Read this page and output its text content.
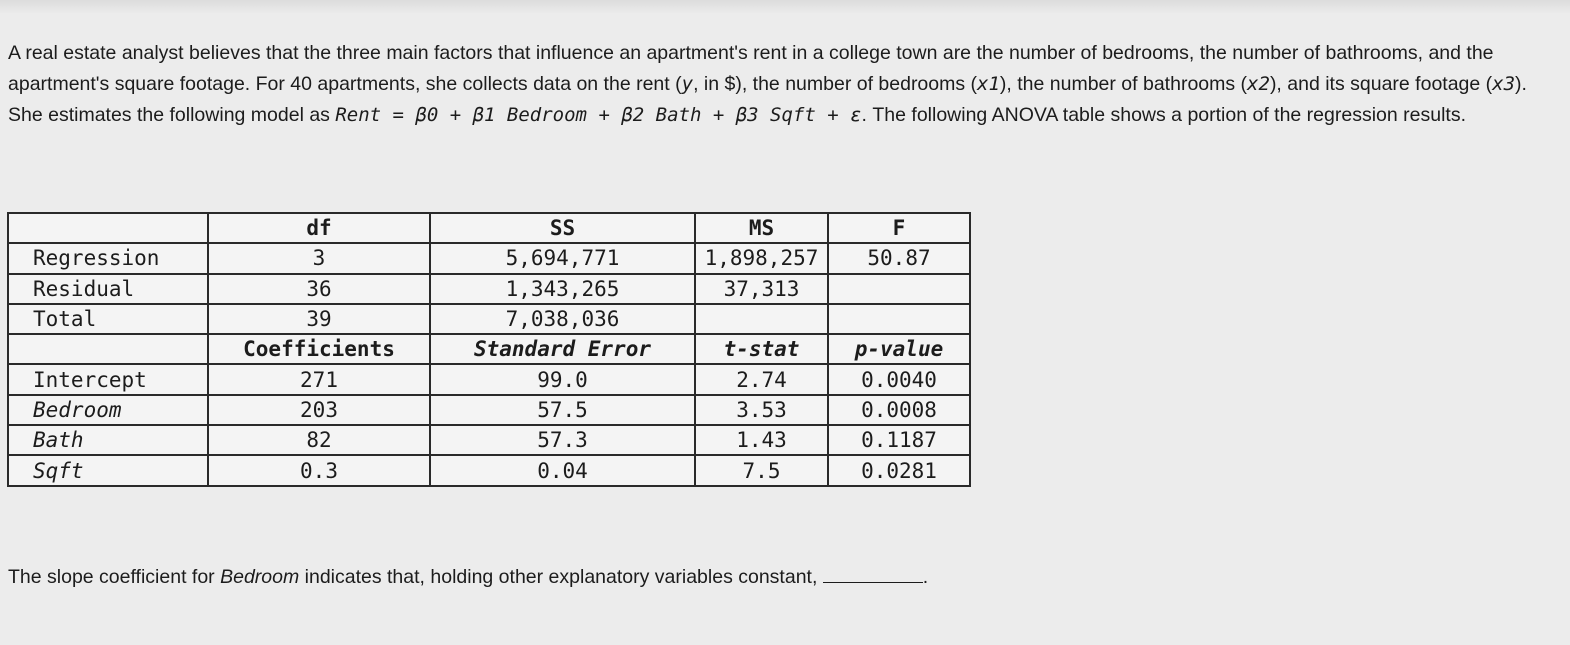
A real estate analyst believes that the three main factors that influence an apartment's rent in a college town are the number of bedrooms, the number of bathrooms, and the apartment's square footage. For 40 apartments, she collects data on the rent (y, in $), the number of bedrooms (x1), the number of bathrooms (x2), and its square footage (x3). She estimates the following model as Rent = β0 + β1 Bedroom + β2 Bath + β3 Sqft + ε. The following ANOVA table shows a portion of the regression results.
	df	SS	MS	F
Regression	3	5,694,771	1,898,257	50.87
Residual	36	1,343,265	37,313	
Total	39	7,038,036		
	Coefficients	Standard Error	t-stat	p-value
Intercept	271	99.0	2.74	0.0040
Bedroom	203	57.5	3.53	0.0008
Bath	82	57.3	1.43	0.1187
Sqft	0.3	0.04	7.5	0.0281
The slope coefficient for Bedroom indicates that, holding other explanatory variables constant,	.
